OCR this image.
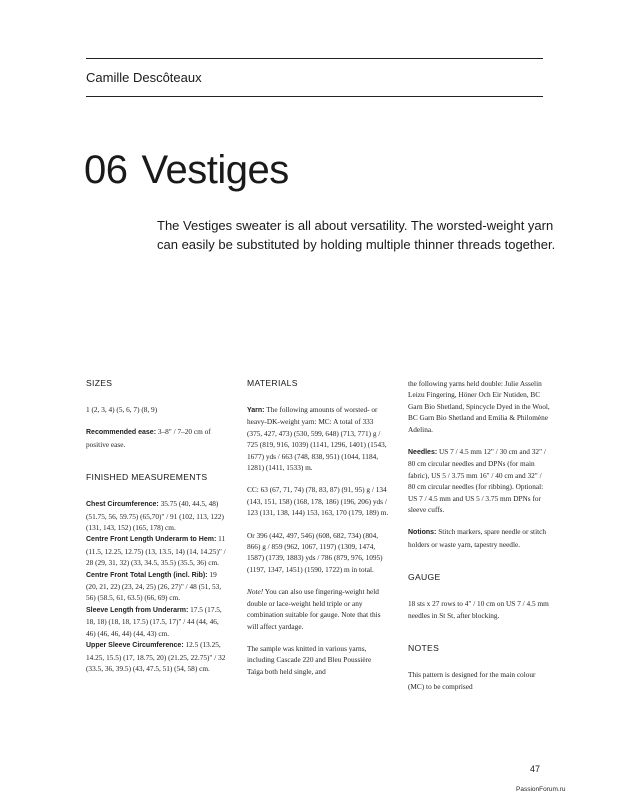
Camille Descôteaux
06 Vestiges

The Vestiges sweater is all about versatility. The worsted-weight yarn can easily be substituted by holding multiple thinner threads together.

SIZES

1 (2, 3, 4) (5, 6, 7) (8, 9)

Recommended ease: 3–8" / 7–20 cm of positive ease.

FINISHED MEASUREMENTS

Chest Circumference: 35.75 (40, 44.5, 48) (51.75, 56, 59.75) (65,70)" / 91 (102, 113, 122) (131, 143, 152) (165, 178) cm.

Centre Front Length Underarm to Hem: 11 (11.5, 12.25, 12.75) (13, 13.5, 14) (14, 14.25)" / 28 (29, 31, 32) (33, 34.5, 35.5) (35.5, 36) cm.

Centre Front Total Length (incl. Rib): 19 (20, 21, 22) (23, 24, 25) (26, 27)" / 48 (51, 53, 56) (58.5, 61, 63.5) (66, 69) cm.

Sleeve Length from Underarm: 17.5 (17.5, 18, 18) (18, 18, 17.5) (17.5, 17)" / 44 (44, 46, 46) (46, 46, 44) (44, 43) cm.

Upper Sleeve Circumference: 12.5 (13.25, 14.25, 15.5) (17, 18.75, 20) (21.25, 22.75)" / 32 (33.5, 36, 39.5) (43, 47.5, 51) (54, 58) cm.

MATERIALS

Yarn: The following amounts of worsted- or heavy-DK-weight yarn: MC: A total of 333 (375, 427, 473) (530, 599, 648) (713, 771) g / 725 (819, 916, 1039) (1141, 1296, 1401) (1543, 1677) yds / 663 (748, 838, 951) (1044, 1184, 1281) (1411, 1533) m.

CC: 63 (67, 71, 74) (78, 83, 87) (91, 95) g / 134 (143, 151, 158) (168, 178, 186) (196, 206) yds / 123 (131, 138, 144) 153, 163, 170 (179, 189) m.

Or 396 (442, 497, 546) (608, 682, 734) (804, 866) g / 859 (962, 1067, 1197) (1309, 1474, 1587) (1739, 1883) yds / 786 (879, 976, 1095) (1197, 1347, 1451) (1590, 1722) m in total.

Note! You can also use fingering-weight held double or lace-weight held triple or any combination suitable for gauge. Note that this will affect yardage.

The sample was knitted in various yarns, including Cascade 220 and Bleu Poussière Taïga both held single, and

the following yarns held double: Julie Asselin Leizu Fingering, Höner Och Eir Nutiden, BC Garn Bio Shetland, Spincycle Dyed in the Wool, BC Garn Bio Shetland and Emilia & Philomène Adelina.

Needles: US 7 / 4.5 mm 12" / 30 cm and 32" / 80 cm circular needles and DPNs (for main fabric), US 5 / 3.75 mm 16" / 40 cm and 32" / 80 cm circular needles (for ribbing). Optional: US 7 / 4.5 mm and US 5 / 3.75 mm DPNs for sleeve cuffs.

Notions: Stitch markers, spare needle or stitch holders or waste yarn, tapestry needle.

GAUGE

18 sts x 27 rows to 4" / 10 cm on US 7 / 4.5 mm needles in St St, after blocking.

NOTES

This pattern is designed for the main colour (MC) to be comprised

47
PassionForum.ru
